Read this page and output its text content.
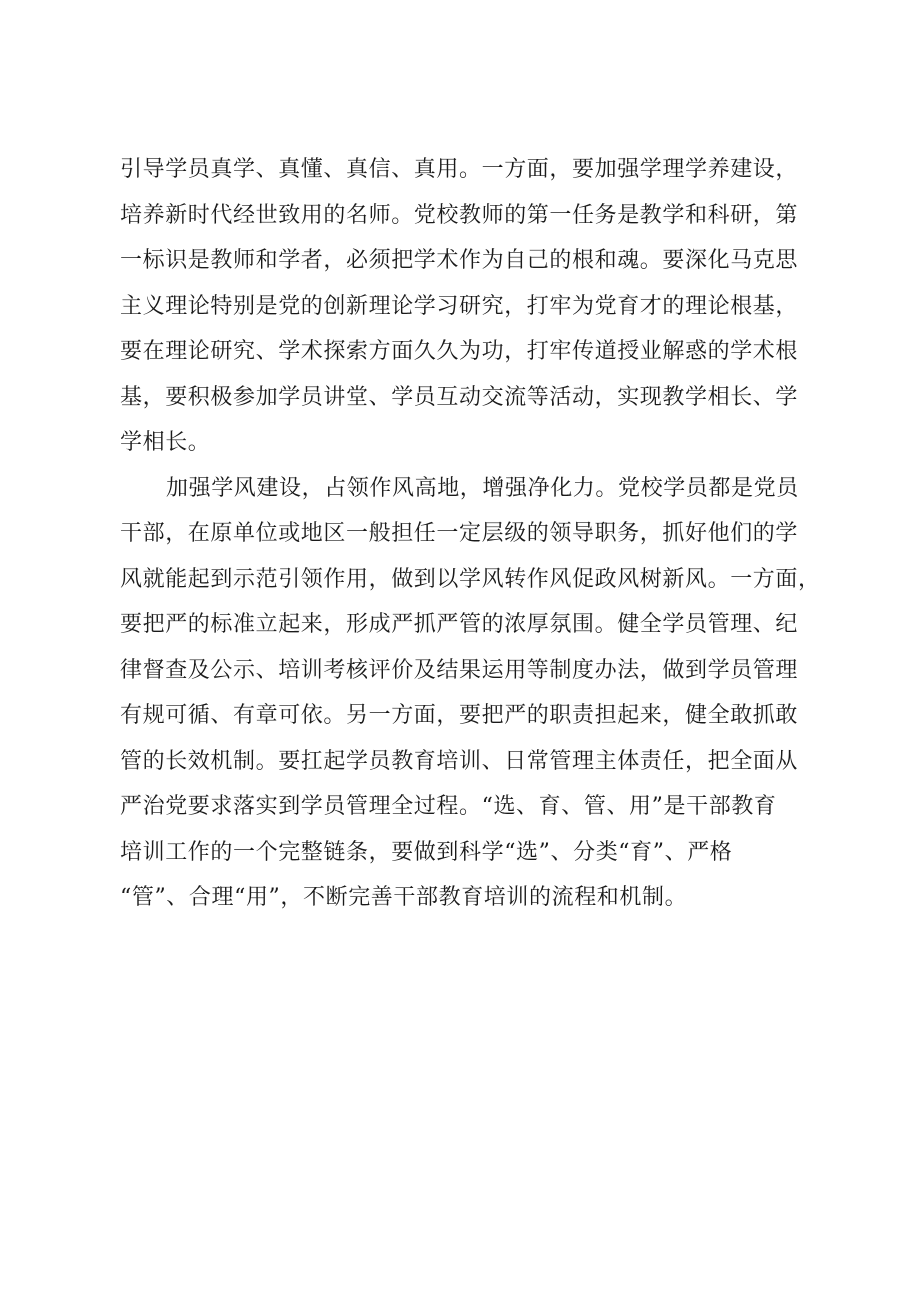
引导学员真学、真懂、真信、真用。一方面，要加强学理学养建设，
培养新时代经世致用的名师。党校教师的第一任务是教学和科研，第
一标识是教师和学者，必须把学术作为自己的根和魂。要深化马克思
主义理论特别是党的创新理论学习研究，打牢为党育才的理论根基，
要在理论研究、学术探索方面久久为功，打牢传道授业解惑的学术根
基，要积极参加学员讲堂、学员互动交流等活动，实现教学相长、学
学相长。
加强学风建设，占领作风高地，增强净化力。党校学员都是党员
干部，在原单位或地区一般担任一定层级的领导职务，抓好他们的学
风就能起到示范引领作用，做到以学风转作风促政风树新风。一方面，
要把严的标准立起来，形成严抓严管的浓厚氛围。健全学员管理、纪
律督查及公示、培训考核评价及结果运用等制度办法，做到学员管理
有规可循、有章可依。另一方面，要把严的职责担起来，健全敢抓敢
管的长效机制。要扛起学员教育培训、日常管理主体责任，把全面从
严治党要求落实到学员管理全过程。“选、育、管、用”是干部教育
培训工作的一个完整链条，要做到科学“选”、分类“育”、严格
“管”、合理“用”，不断完善干部教育培训的流程和机制。
